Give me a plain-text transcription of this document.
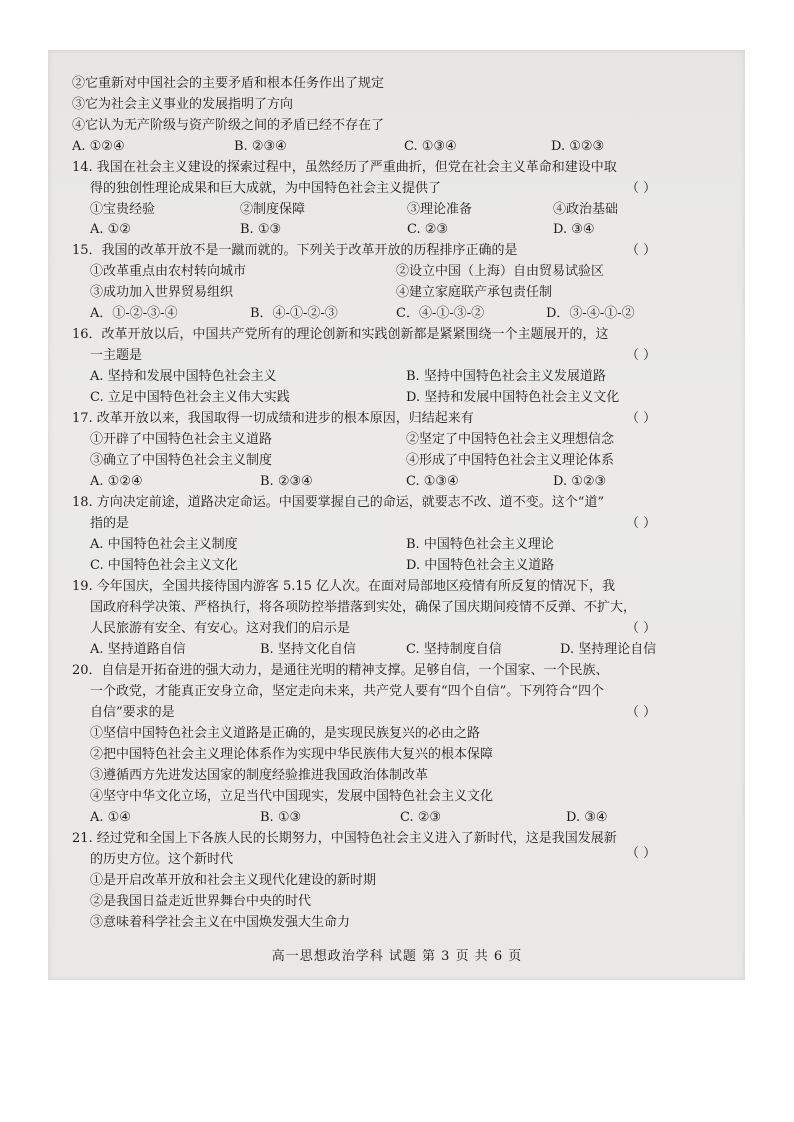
②它重新对中国社会的主要矛盾和根本任务作出了规定
③它为社会主义事业的发展指明了方向
④它认为无产阶级与资产阶级之间的矛盾已经不存在了
A. ①②④	B. ②③④	C. ①③④	D. ①②③
14. 我国在社会主义建设的探索过程中，虽然经历了严重曲折，但党在社会主义革命和建设中取
得的独创性理论成果和巨大成就，为中国特色社会主义提供了	（ ）
①宝贵经验	②制度保障	③理论准备	④政治基础
A. ①②	B. ①③	C. ②③	D. ③④
15．我国的改革开放不是一蹴而就的。下列关于改革开放的历程排序正确的是	（ ）
①改革重点由农村转向城市	②设立中国（上海）自由贸易试验区
③成功加入世界贸易组织	④建立家庭联产承包责任制
A．①-②-③-④	B．④-①-②-③	C．④-①-③-②	D．③-④-①-②
16．改革开放以后，中国共产党所有的理论创新和实践创新都是紧紧围绕一个主题展开的，这
一主题是	（ ）
A. 坚持和发展中国特色社会主义	B. 坚持中国特色社会主义发展道路
C. 立足中国特色社会主义伟大实践	D. 坚持和发展中国特色社会主义文化
17. 改革开放以来，我国取得一切成绩和进步的根本原因，归结起来有	（ ）
①开辟了中国特色社会主义道路	②坚定了中国特色社会主义理想信念
③确立了中国特色社会主义制度	④形成了中国特色社会主义理论体系
A. ①②④	B. ②③④	C. ①③④	D. ①②③
18. 方向决定前途，道路决定命运。中国要掌握自己的命运，就要志不改、道不变。这个“道”
指的是	（ ）
A. 中国特色社会主义制度	B. 中国特色社会主义理论
C. 中国特色社会主义文化	D. 中国特色社会主义道路
19. 今年国庆，全国共接待国内游客 5.15 亿人次。在面对局部地区疫情有所反复的情况下，我
国政府科学决策、严格执行，将各项防控举措落到实处，确保了国庆期间疫情不反弹、不扩大，
人民旅游有安全、有安心。这对我们的启示是	（ ）
A. 坚持道路自信	B. 坚持文化自信	C. 坚持制度自信	D. 坚持理论自信
20．自信是开拓奋进的强大动力，是通往光明的精神支撑。足够自信，一个国家、一个民族、
一个政党，才能真正安身立命，坚定走向未来，共产党人要有“四个自信”。下列符合“四个
自信”要求的是	（ ）
①坚信中国特色社会主义道路是正确的，是实现民族复兴的必由之路
②把中国特色社会主义理论体系作为实现中华民族伟大复兴的根本保障
③遵循西方先进发达国家的制度经验推进我国政治体制改革
④坚守中华文化立场，立足当代中国现实，发展中国特色社会主义文化
A. ①④	B. ①③	C. ②③	D. ③④
21. 经过党和全国上下各族人民的长期努力，中国特色社会主义进入了新时代，这是我国发展新
的历史方位。这个新时代	（ ）
①是开启改革开放和社会主义现代化建设的新时期
②是我国日益走近世界舞台中央的时代
③意味着科学社会主义在中国焕发强大生命力
高一思想政治学科 试题 第 3 页 共 6 页
